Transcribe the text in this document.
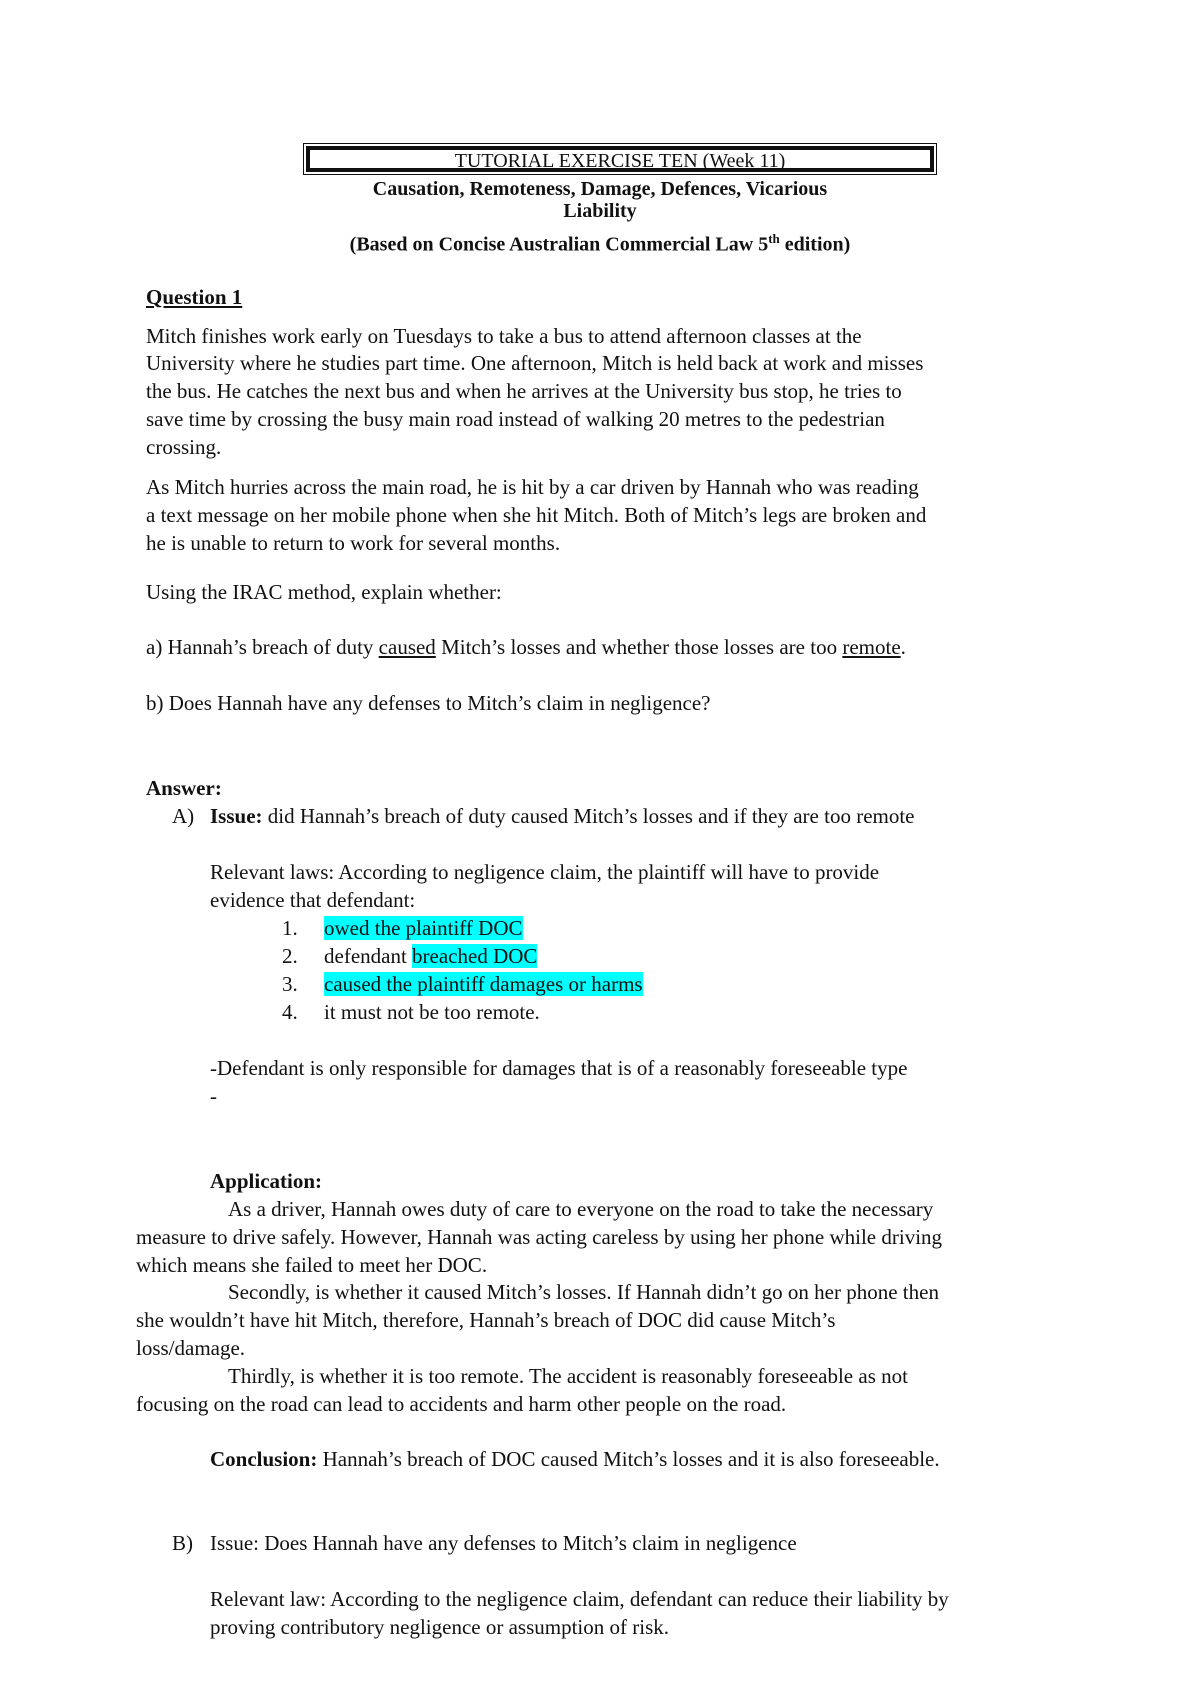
TUTORIAL EXERCISE TEN (Week 11)
Causation, Remoteness, Damage, Defences, Vicarious
Liability
(Based on Concise Australian Commercial Law 5th edition)
Question 1
Mitch finishes work early on Tuesdays to take a bus to attend afternoon classes at the
University where he studies part time. One afternoon, Mitch is held back at work and misses
the bus. He catches the next bus and when he arrives at the University bus stop, he tries to
save time by crossing the busy main road instead of walking 20 metres to the pedestrian
crossing.
As Mitch hurries across the main road, he is hit by a car driven by Hannah who was reading
a text message on her mobile phone when she hit Mitch. Both of Mitch’s legs are broken and
he is unable to return to work for several months.
Using the IRAC method, explain whether:
a) Hannah’s breach of duty caused Mitch’s losses and whether those losses are too remote.
b) Does Hannah have any defenses to Mitch’s claim in negligence?
Answer:
A) Issue: did Hannah’s breach of duty caused Mitch’s losses and if they are too remote
Relevant laws: According to negligence claim, the plaintiff will have to provide
evidence that defendant:
1. owed the plaintiff DOC
2. defendant breached DOC
3. caused the plaintiff damages or harms
4. it must not be too remote.
-Defendant is only responsible for damages that is of a reasonably foreseeable type
-
Application:
As a driver, Hannah owes duty of care to everyone on the road to take the necessary
measure to drive safely. However, Hannah was acting careless by using her phone while driving
which means she failed to meet her DOC.
Secondly, is whether it caused Mitch’s losses. If Hannah didn’t go on her phone then
she wouldn’t have hit Mitch, therefore, Hannah’s breach of DOC did cause Mitch’s
loss/damage.
Thirdly, is whether it is too remote. The accident is reasonably foreseeable as not
focusing on the road can lead to accidents and harm other people on the road.
Conclusion: Hannah’s breach of DOC caused Mitch’s losses and it is also foreseeable.
B) Issue: Does Hannah have any defenses to Mitch’s claim in negligence
Relevant law: According to the negligence claim, defendant can reduce their liability by
proving contributory negligence or assumption of risk.
